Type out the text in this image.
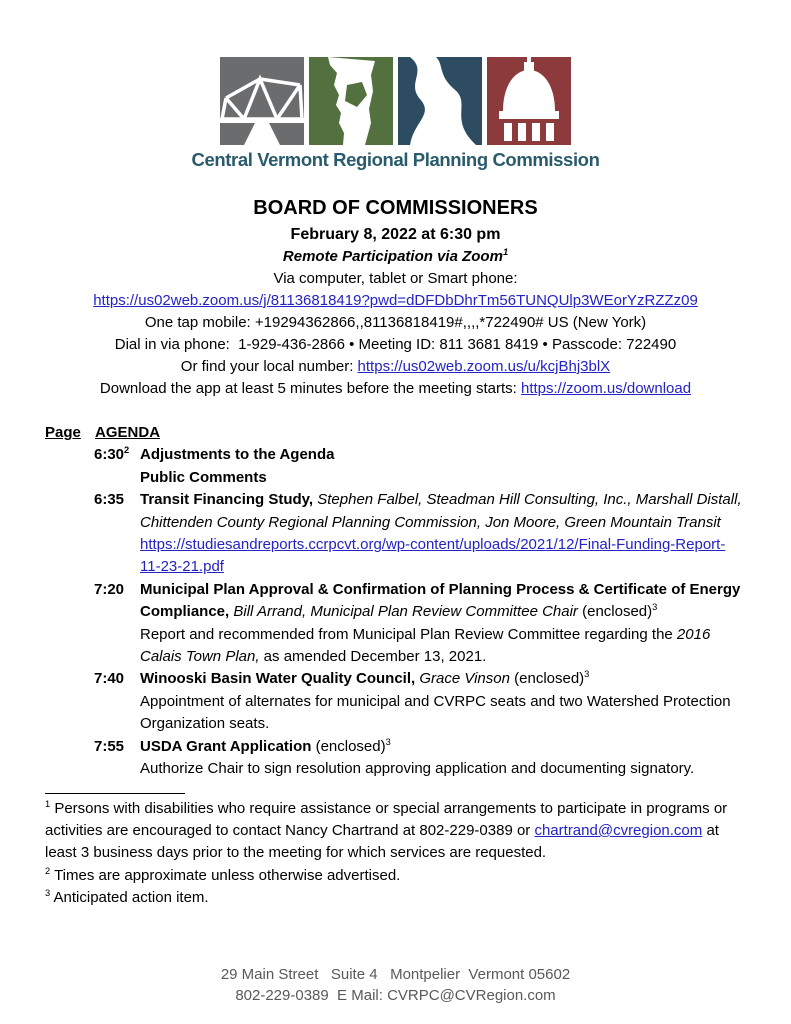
Central Vermont Regional Planning Commission
BOARD OF COMMISSIONERS
February 8, 2022 at 6:30 pm
Remote Participation via Zoom$^1$
Via computer, tablet or Smart phone:
https://us02web.zoom.us/j/81136818419?pwd=dDFDbDhrTm56TUNQUlp3WEorYzRZZz09
One tap mobile: +19294362866,,81136818419#,,,,*722490# US (New York)
Dial in via phone:  1-929-436-2866 • Meeting ID: 811 3681 8419 • Passcode: 722490
Or find your local number: https://us02web.zoom.us/u/kcjBhj3blX
Download the app at least 5 minutes before the meeting starts: https://zoom.us/download
Page AGENDA
$6:30^2$ Adjustments to the Agenda
Public Comments
6:35	Transit Financing Study, Stephen Falbel, Steadman Hill Consulting, Inc., Marshall Distall, Chittenden County Regional Planning Commission, Jon Moore, Green Mountain Transit
https://studiesandreports.ccrpcvt.org/wp-content/uploads/2021/12/Final-Funding-Report-11-23-21.pdf
7:20	Municipal Plan Approval & Confirmation of Planning Process & Certificate of Energy Compliance, Bill Arrand, Municipal Plan Review Committee Chair (enclosed)$^3$
Report and recommended from Municipal Plan Review Committee regarding the 2016 Calais Town Plan, as amended December 13, 2021.
7:40	Winooski Basin Water Quality Council, Grace Vinson (enclosed)$^3$
Appointment of alternates for municipal and CVRPC seats and two Watershed Protection Organization seats.
7:55	USDA Grant Application (enclosed)$^3$
Authorize Chair to sign resolution approving application and documenting signatory.

$^1$ Persons with disabilities who require assistance or special arrangements to participate in programs or activities are encouraged to contact Nancy Chartrand at 802-229-0389 or chartrand@cvregion.com at least 3 business days prior to the meeting for which services are requested.

$^2$ Times are approximate unless otherwise advertised.

$^3$ Anticipated action item.

29 Main Street   Suite 4   Montpelier  Vermont 05602
802-229-0389  E Mail: CVRPC@CVRegion.com
